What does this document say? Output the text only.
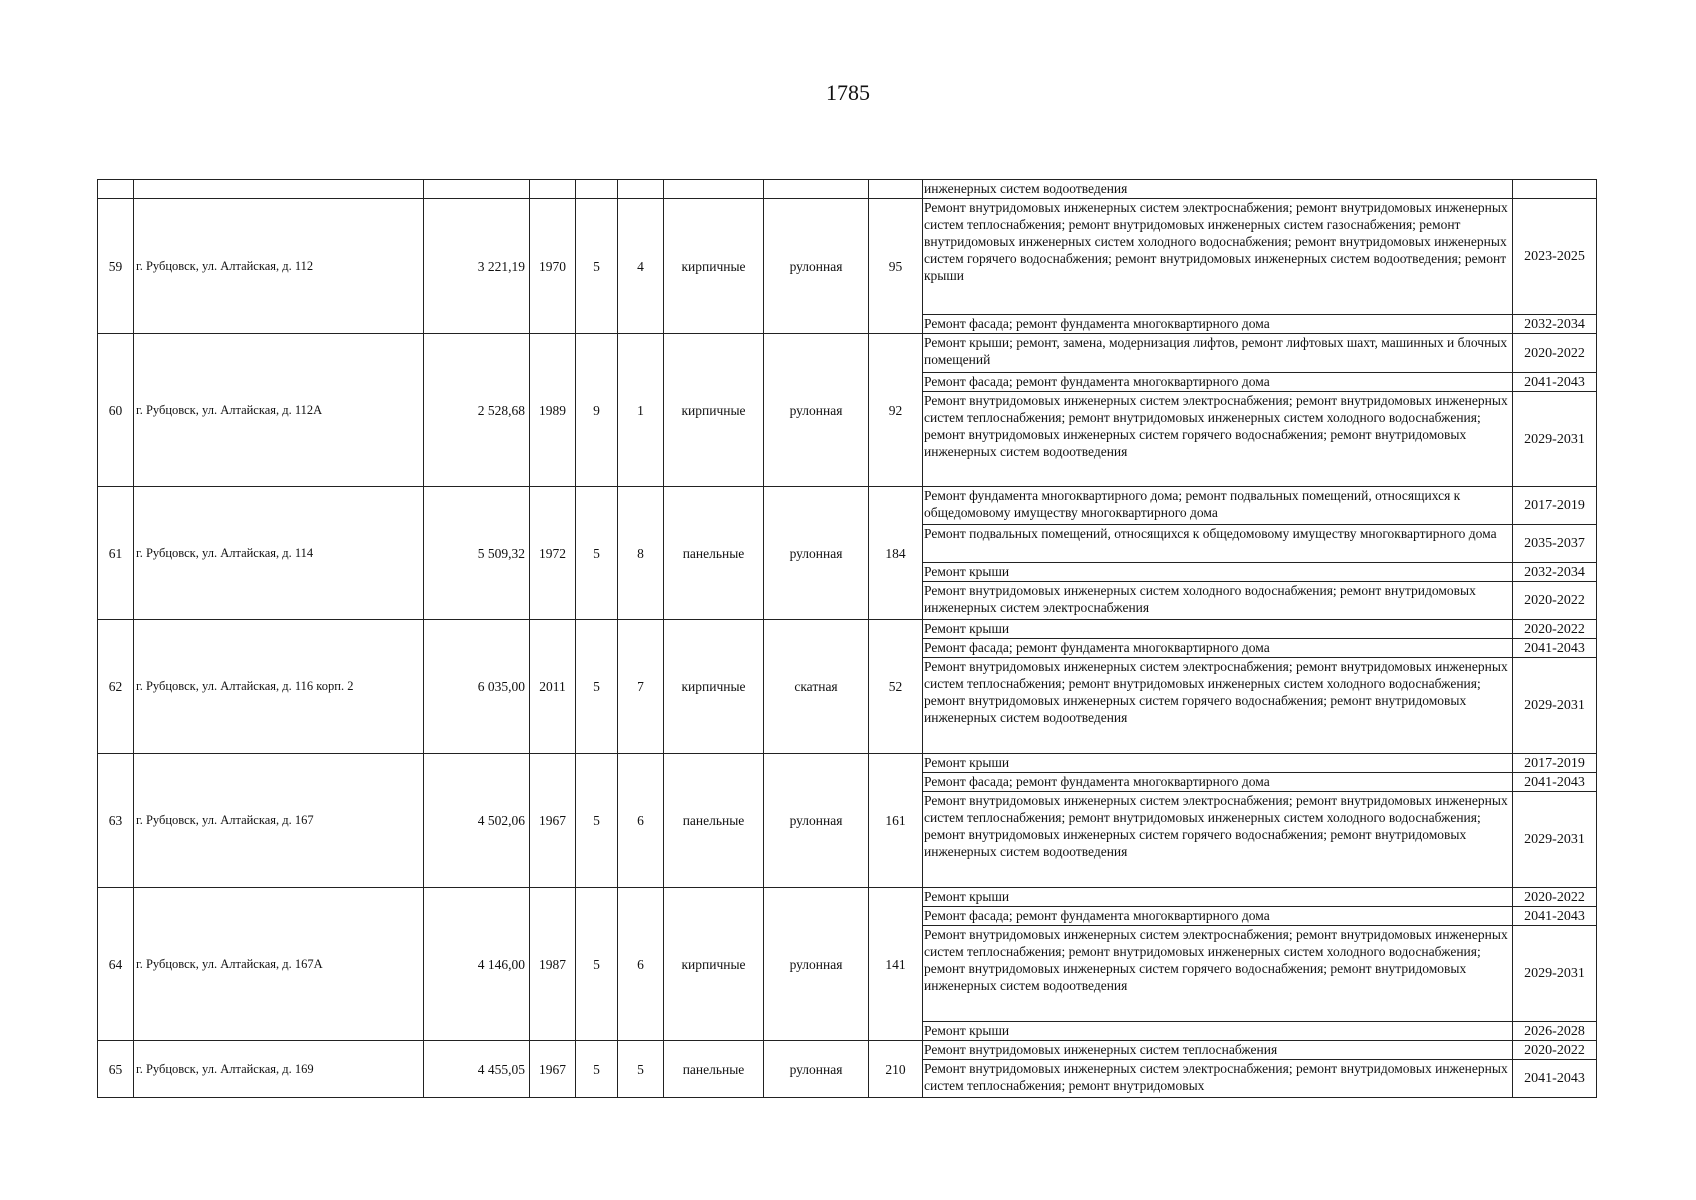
1785
									инженерных систем водоотведения	
59	г. Рубцовск, ул. Алтайская, д. 112	3 221,19	1970	5	4	кирпичные	рулонная	95	Ремонт внутридомовых инженерных систем электроснабжения; ремонт внутридомовых инженерных систем теплоснабжения; ремонт внутридомовых инженерных систем газоснабжения; ремонт внутридомовых инженерных систем холодного водоснабжения; ремонт внутридомовых инженерных систем горячего водоснабжения; ремонт внутридомовых инженерных систем водоотведения; ремонт крыши	2023-2025
									Ремонт фасада; ремонт фундамента многоквартирного дома	2032-2034
60	г. Рубцовск, ул. Алтайская, д. 112А	2 528,68	1989	9	1	кирпичные	рулонная	92	Ремонт крыши; ремонт, замена, модернизация лифтов, ремонт лифтовых шахт, машинных и блочных помещений	2020-2022
									Ремонт фасада; ремонт фундамента многоквартирного дома	2041-2043
									Ремонт внутридомовых инженерных систем электроснабжения; ремонт внутридомовых инженерных систем теплоснабжения; ремонт внутридомовых инженерных систем холодного водоснабжения; ремонт внутридомовых инженерных систем горячего водоснабжения; ремонт внутридомовых инженерных систем водоотведения	2029-2031
61	г. Рубцовск, ул. Алтайская, д. 114	5 509,32	1972	5	8	панельные	рулонная	184	Ремонт фундамента многоквартирного дома; ремонт подвальных помещений, относящихся к общедомовому имуществу многоквартирного дома	2017-2019
									Ремонт подвальных помещений, относящихся к общедомовому имуществу многоквартирного дома	2035-2037
									Ремонт крыши	2032-2034
									Ремонт внутридомовых инженерных систем холодного водоснабжения; ремонт внутридомовых инженерных систем электроснабжения	2020-2022
62	г. Рубцовск, ул. Алтайская, д. 116 корп. 2	6 035,00	2011	5	7	кирпичные	скатная	52	Ремонт крыши	2020-2022
									Ремонт фасада; ремонт фундамента многоквартирного дома	2041-2043
									Ремонт внутридомовых инженерных систем электроснабжения; ремонт внутридомовых инженерных систем теплоснабжения; ремонт внутридомовых инженерных систем холодного водоснабжения; ремонт внутридомовых инженерных систем горячего водоснабжения; ремонт внутридомовых инженерных систем водоотведения	2029-2031
63	г. Рубцовск, ул. Алтайская, д. 167	4 502,06	1967	5	6	панельные	рулонная	161	Ремонт крыши	2017-2019
									Ремонт фасада; ремонт фундамента многоквартирного дома	2041-2043
									Ремонт внутридомовых инженерных систем электроснабжения; ремонт внутридомовых инженерных систем теплоснабжения; ремонт внутридомовых инженерных систем холодного водоснабжения; ремонт внутридомовых инженерных систем горячего водоснабжения; ремонт внутридомовых инженерных систем водоотведения	2029-2031
64	г. Рубцовск, ул. Алтайская, д. 167А	4 146,00	1987	5	6	кирпичные	рулонная	141	Ремонт крыши	2020-2022
									Ремонт фасада; ремонт фундамента многоквартирного дома	2041-2043
									Ремонт внутридомовых инженерных систем электроснабжения; ремонт внутридомовых инженерных систем теплоснабжения; ремонт внутридомовых инженерных систем холодного водоснабжения; ремонт внутридомовых инженерных систем горячего водоснабжения; ремонт внутридомовых инженерных систем водоотведения	2029-2031
									Ремонт крыши	2026-2028
65	г. Рубцовск, ул. Алтайская, д. 169	4 455,05	1967	5	5	панельные	рулонная	210	Ремонт внутридомовых инженерных систем теплоснабжения	2020-2022
									Ремонт внутридомовых инженерных систем электроснабжения; ремонт внутридомовых инженерных систем теплоснабжения; ремонт внутридомовых	2041-2043
